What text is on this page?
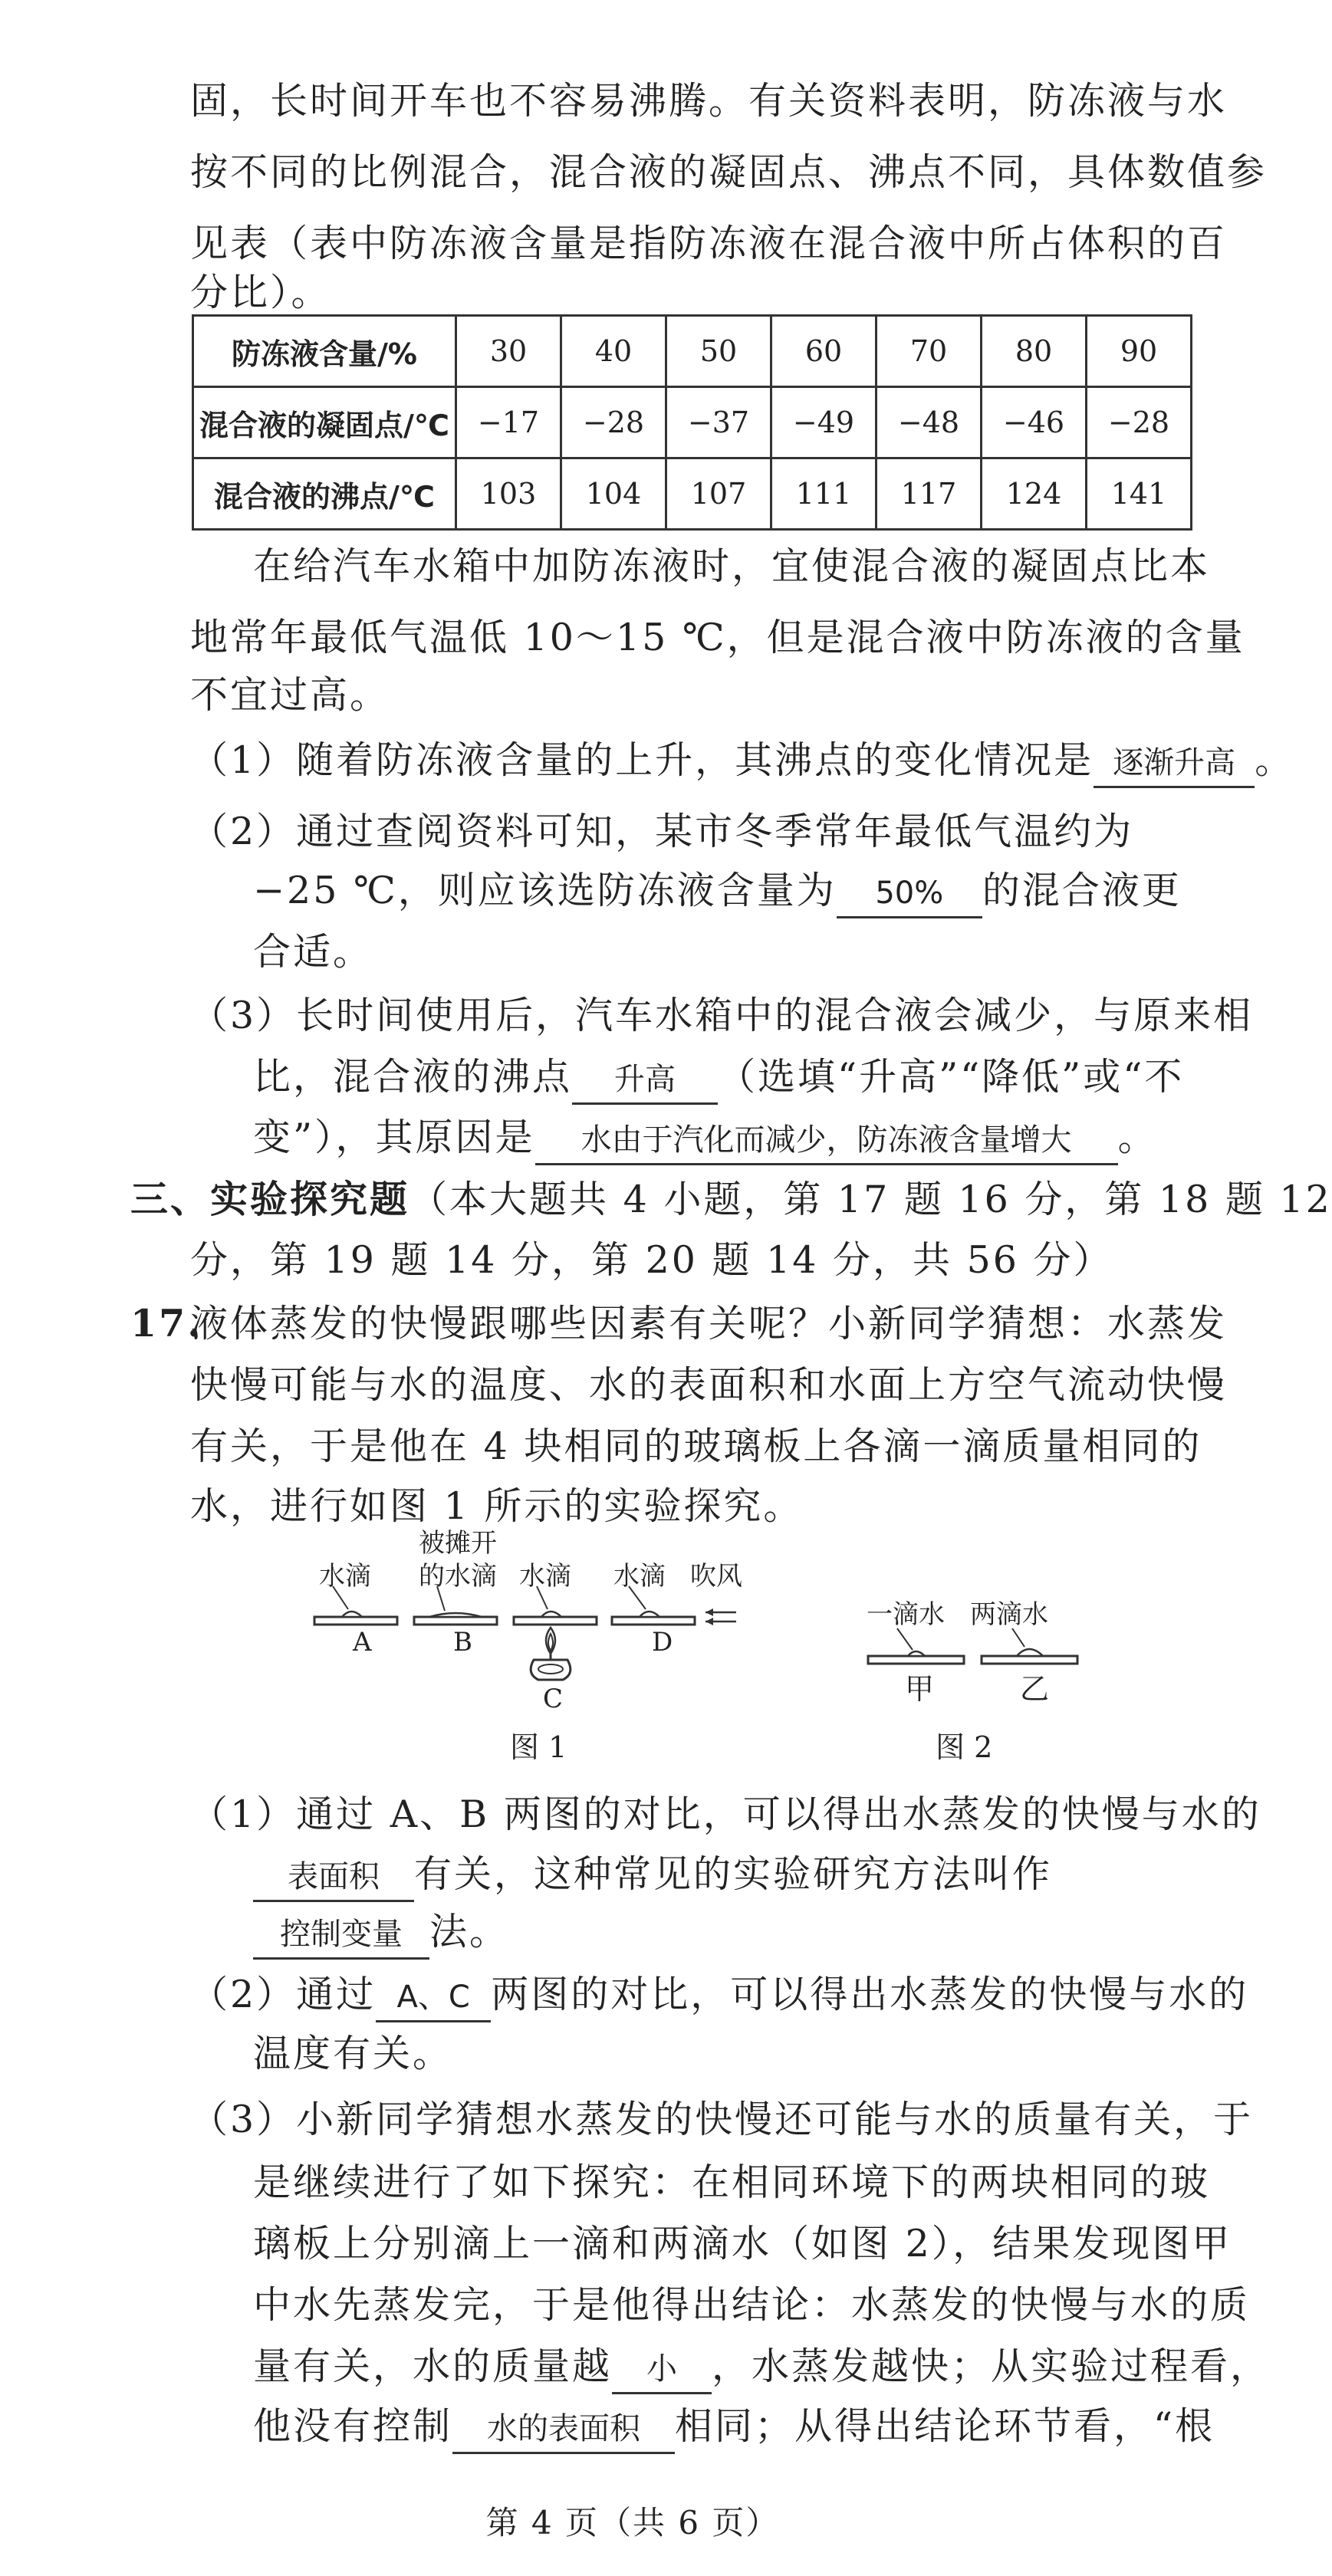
固，长时间开车也不容易沸腾。有关资料表明，防冻液与水
按不同的比例混合，混合液的凝固点、沸点不同，具体数值参
见表（表中防冻液含量是指防冻液在混合液中所占体积的百
分比）。
防冻液含量/%	30	40	50	60	70	80	90
混合液的凝固点/℃	−17	−28	−37	−49	−48	−46	−28
混合液的沸点/℃	103	104	107	111	117	124	141
在给汽车水箱中加防冻液时，宜使混合液的凝固点比本
地常年最低气温低 10～15 ℃，但是混合液中防冻液的含量
不宜过高。
（1）随着防冻液含量的上升，其沸点的变化情况是 逐渐升高 。
（2）通过查阅资料可知，某市冬季常年最低气温约为
−25 ℃，则应该选防冻液含量为 50% 的混合液更
合适。
（3）长时间使用后，汽车水箱中的混合液会减少，与原来相
比，混合液的沸点 升高 （选填“升高”“降低”或“不
变”），其原因是 水由于汽化而减少，防冻液含量增大 。
三、实验探究题（本大题共 4 小题，第 17 题 16 分，第 18 题 12
分，第 19 题 14 分，第 20 题 14 分，共 56 分）
17.
液体蒸发的快慢跟哪些因素有关呢？小新同学猜想：水蒸发
快慢可能与水的温度、水的表面积和水面上方空气流动快慢
有关，于是他在 4 块相同的玻璃板上各滴一滴质量相同的
水，进行如图 1 所示的实验探究。
水滴
被摊开
的水滴 水滴 水滴 吹风
A	B	D
C
图 1
一滴水 两滴水
甲	乙
图 2
（1）通过 A、B 两图的对比，可以得出水蒸发的快慢与水的
表面积 有关，这种常见的实验研究方法叫作
控制变量 法。
（2）通过 A、C 两图的对比，可以得出水蒸发的快慢与水的
温度有关。
（3）小新同学猜想水蒸发的快慢还可能与水的质量有关，于
是继续进行了如下探究：在相同环境下的两块相同的玻
璃板上分别滴上一滴和两滴水（如图 2），结果发现图甲
中水先蒸发完，于是他得出结论：水蒸发的快慢与水的质
量有关，水的质量越 小 ，水蒸发越快；从实验过程看，
他没有控制 水的表面积 相同；从得出结论环节看，“根
第 4 页（共 6 页）
